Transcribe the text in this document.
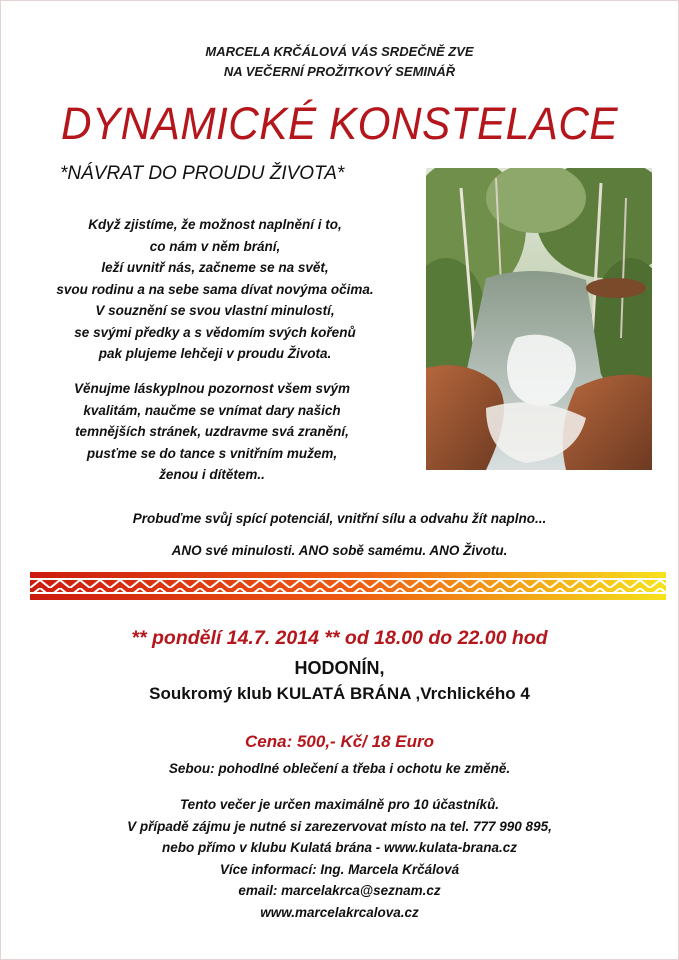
MARCELA KRČÁLOVÁ VÁS SRDEČNĚ ZVE
NA VEČERNÍ PROŽITKOVÝ SEMINÁŘ
DYNAMICKÉ KONSTELACE
*NÁVRAT DO PROUDU ŽIVOTA*
Když zjistíme, že možnost naplnění i to,
co nám v něm brání,
leží uvnitř nás, začneme se na svět,
svou rodinu a na sebe sama dívat novýma očima.
V souznění se svou vlastní minulostí,
se svými předky a s vědomím svých kořenů
pak plujeme lehčeji v proudu Života.
Věnujme láskyplnou pozornost všem svým
kvalitám, naučme se vnímat dary našich
temnějších stránek, uzdravme svá zranění,
pusťme se do tance s vnitřním mužem,
ženou i dítětem..
Probuďme svůj spící potenciál, vnitřní sílu a odvahu žít naplno...
ANO své minulosti. ANO sobě samému. ANO Životu.
** pondělí 14.7. 2014 ** od 18.00 do 22.00 hod
HODONÍN,
Soukromý klub KULATÁ BRÁNA ,Vrchlického 4
Cena: 500,- Kč/ 18 Euro
Sebou: pohodlné oblečení a třeba i ochotu ke změně.
Tento večer je určen maximálně pro 10 účastníků.
V případě zájmu je nutné si zarezervovat místo na tel. 777 990 895,
nebo přímo v klubu Kulatá brána - www.kulata-brana.cz
Více informací: Ing. Marcela Krčálová
email: marcelakrca@seznam.cz
www.marcelakrcalova.cz
